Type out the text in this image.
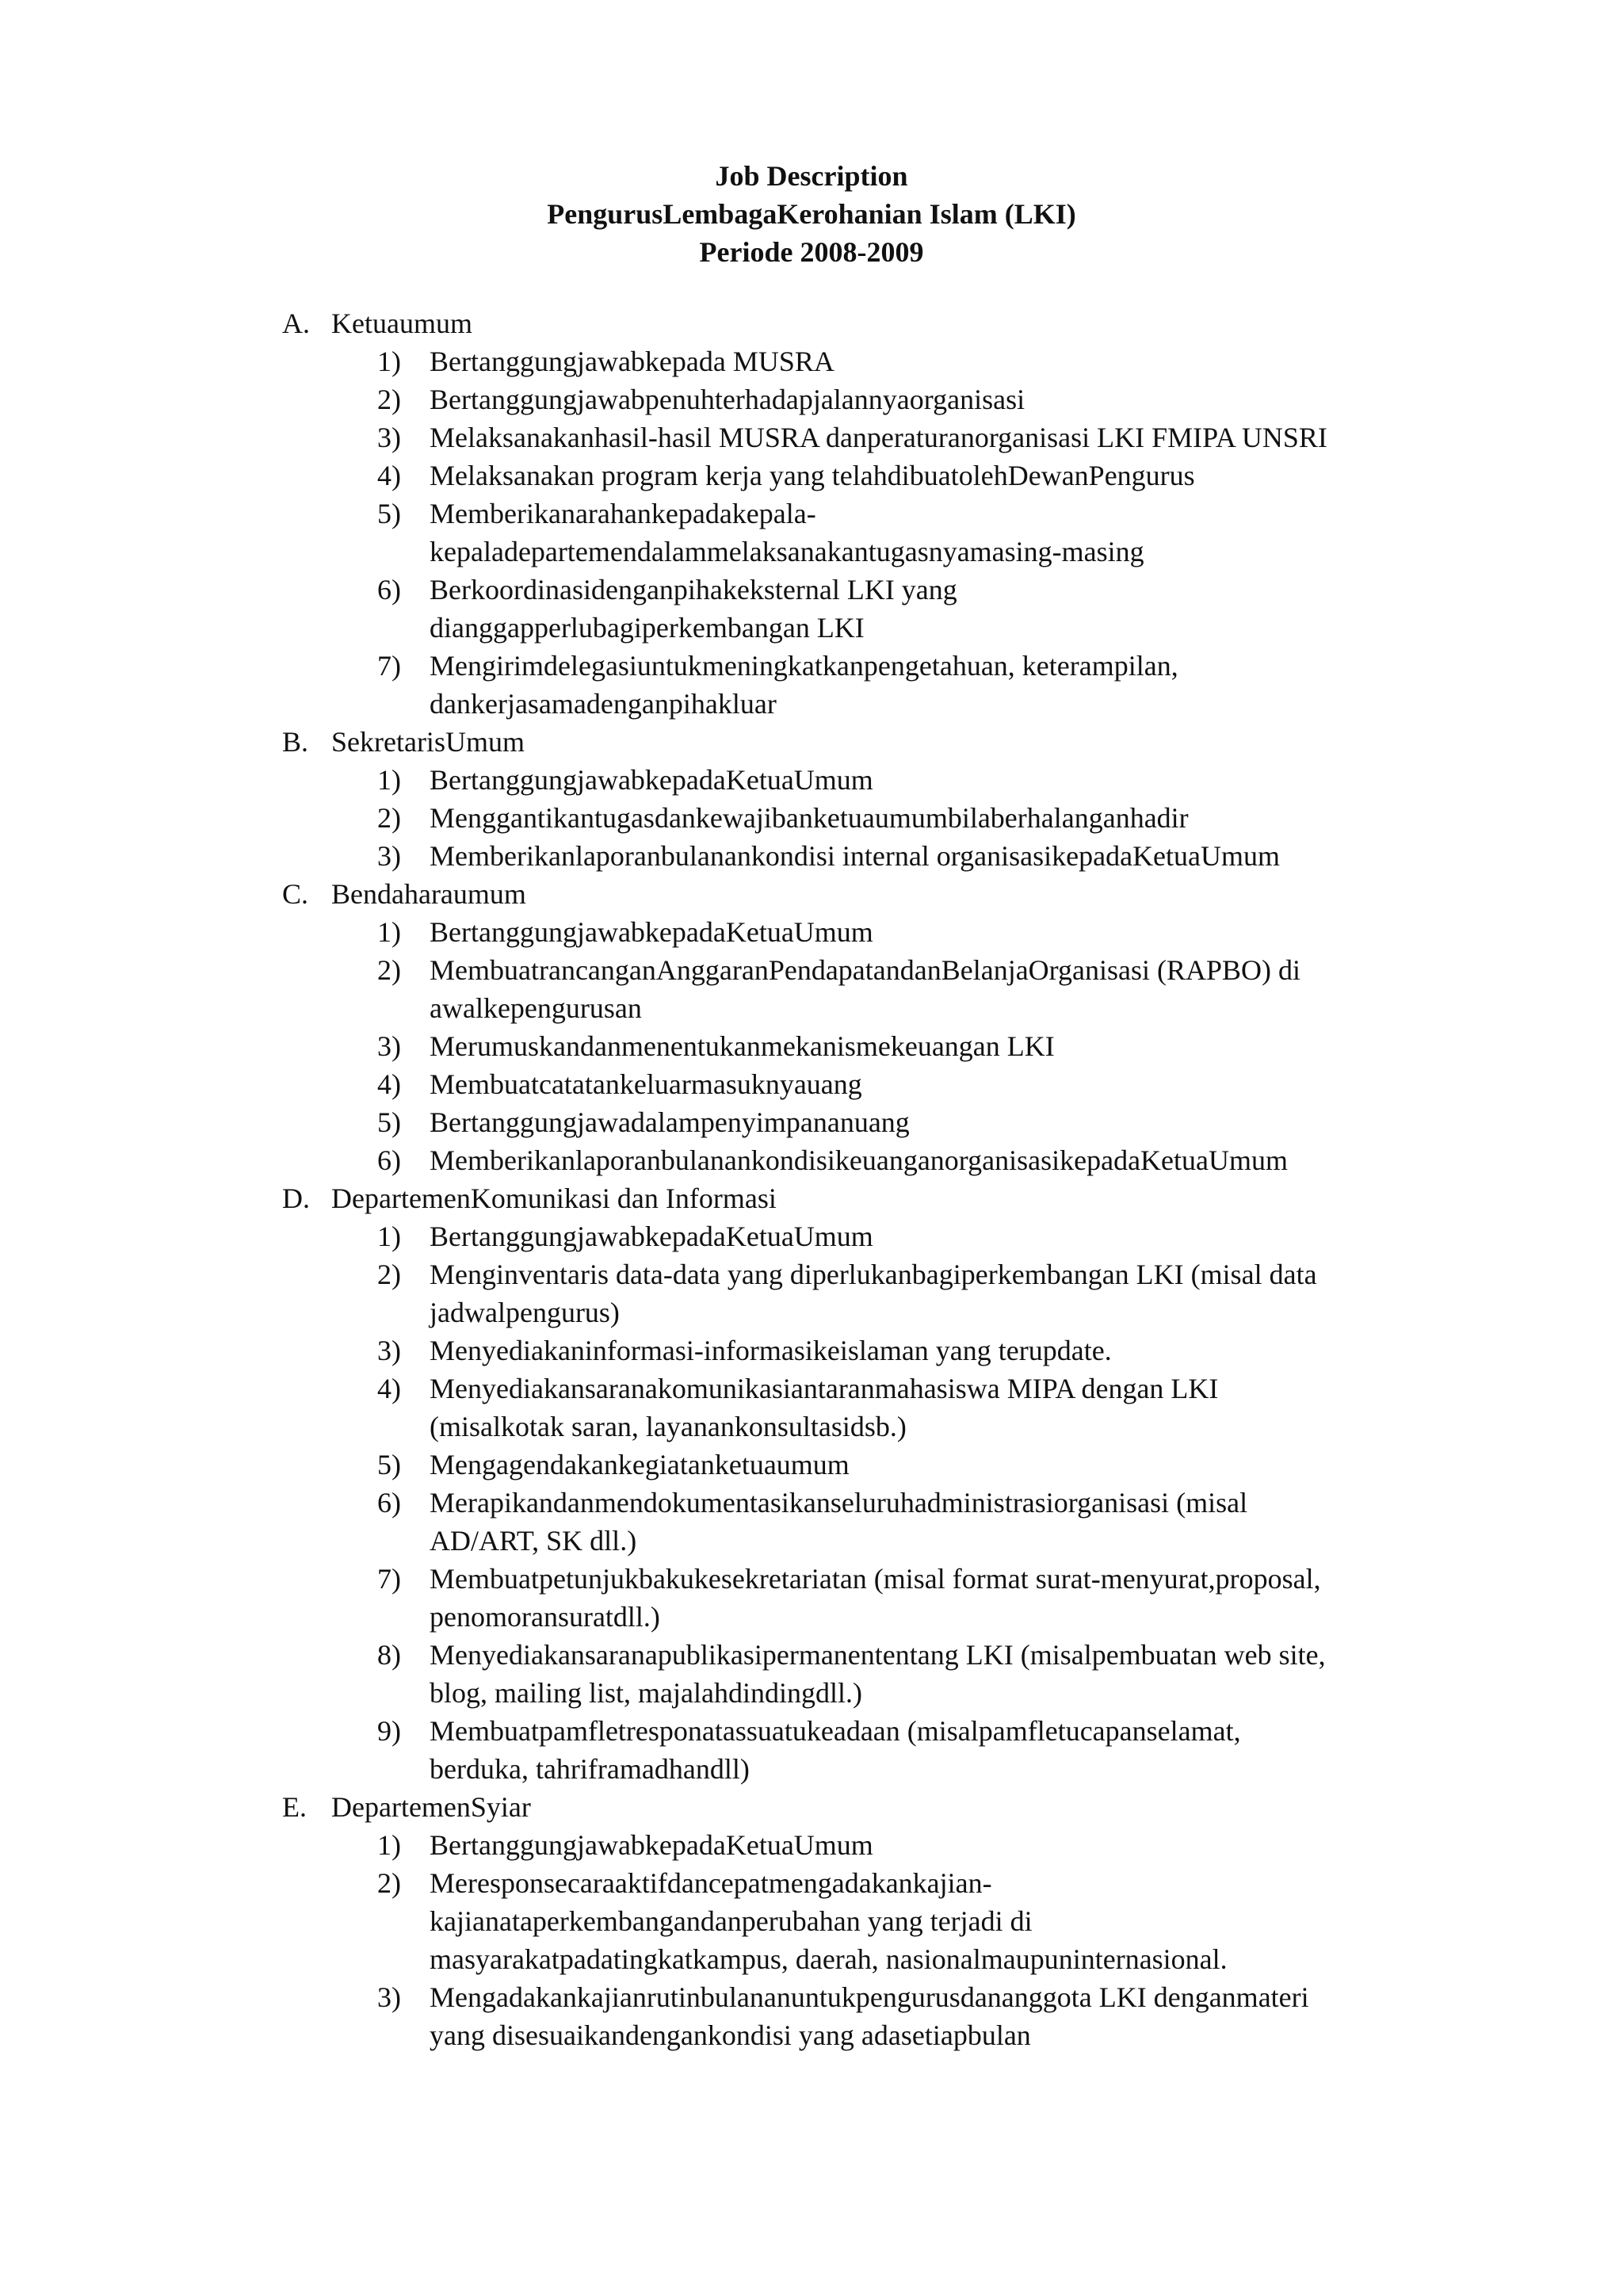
Job Description
PengurusLembagaKerohanian Islam (LKI)
Periode 2008-2009
A. Ketuaumum
1) Bertanggungjawabkepada MUSRA
2) Bertanggungjawabpenuhterhadapjalannyaorganisasi
3) Melaksanakanhasil-hasil MUSRA danperaturanorganisasi LKI FMIPA UNSRI
4) Melaksanakan program kerja yang telahdibuatolehDewanPengurus
5) Memberikanarahankepadakepala-
kepaladepartemendalammelaksanakantugasnyamasing-masing
6) Berkoordinasidenganpihakeksternal LKI yang
dianggapperlubagiperkembangan LKI
7) Mengirimdelegasiuntukmeningkatkanpengetahuan, keterampilan,
dankerjasamadenganpihakluar
B. SekretarisUmum
1) BertanggungjawabkepadaKetuaUmum
2) Menggantikantugasdankewajibanketuaumumbilaberhalanganhadir
3) Memberikanlaporanbulanankondisi internal organisasikepadaKetuaUmum
C. Bendaharaumum
1) BertanggungjawabkepadaKetuaUmum
2) MembuatrancanganAnggaranPendapatandanBelanjaOrganisasi (RAPBO) di
awalkepengurusan
3) Merumuskandanmenentukanmekanismekeuangan LKI
4) Membuatcatatankeluarmasuknyauang
5) Bertanggungjawadalampenyimpananuang
6) MemberikanlaporanbulanankondisikeuanganorganisasikepadaKetuaUmum
D. DepartemenKomunikasi dan Informasi
1) BertanggungjawabkepadaKetuaUmum
2) Menginventaris data-data yang diperlukanbagiperkembangan LKI (misal data
jadwalpengurus)
3) Menyediakaninformasi-informasikeislaman yang terupdate.
4) Menyediakansaranakomunikasiantaranmahasiswa MIPA dengan LKI
(misalkotak saran, layanankonsultasidsb.)
5) Mengagendakankegiatanketuaumum
6) Merapikandanmendokumentasikanseluruhadministrasiorganisasi (misal
AD/ART, SK dll.)
7) Membuatpetunjukbakukesekretariatan (misal format surat-menyurat,proposal,
penomoransuratdll.)
8) Menyediakansaranapublikasipermanententang LKI (misalpembuatan web site,
blog, mailing list, majalahdindingdll.)
9) Membuatpamfletresponatassuatukeadaan (misalpamfletucapanselamat,
berduka, tahriframadhandll)
E. DepartemenSyiar
1) BertanggungjawabkepadaKetuaUmum
2) Meresponsecaraaktifdancepatmengadakankajian-
kajianataperkembangandanperubahan yang terjadi di
masyarakatpadatingkatkampus, daerah, nasionalmaupuninternasional.
3) Mengadakankajianrutinbulananuntukpengurusdananggota LKI denganmateri
yang disesuaikandengankondisi yang adasetiapbulan
